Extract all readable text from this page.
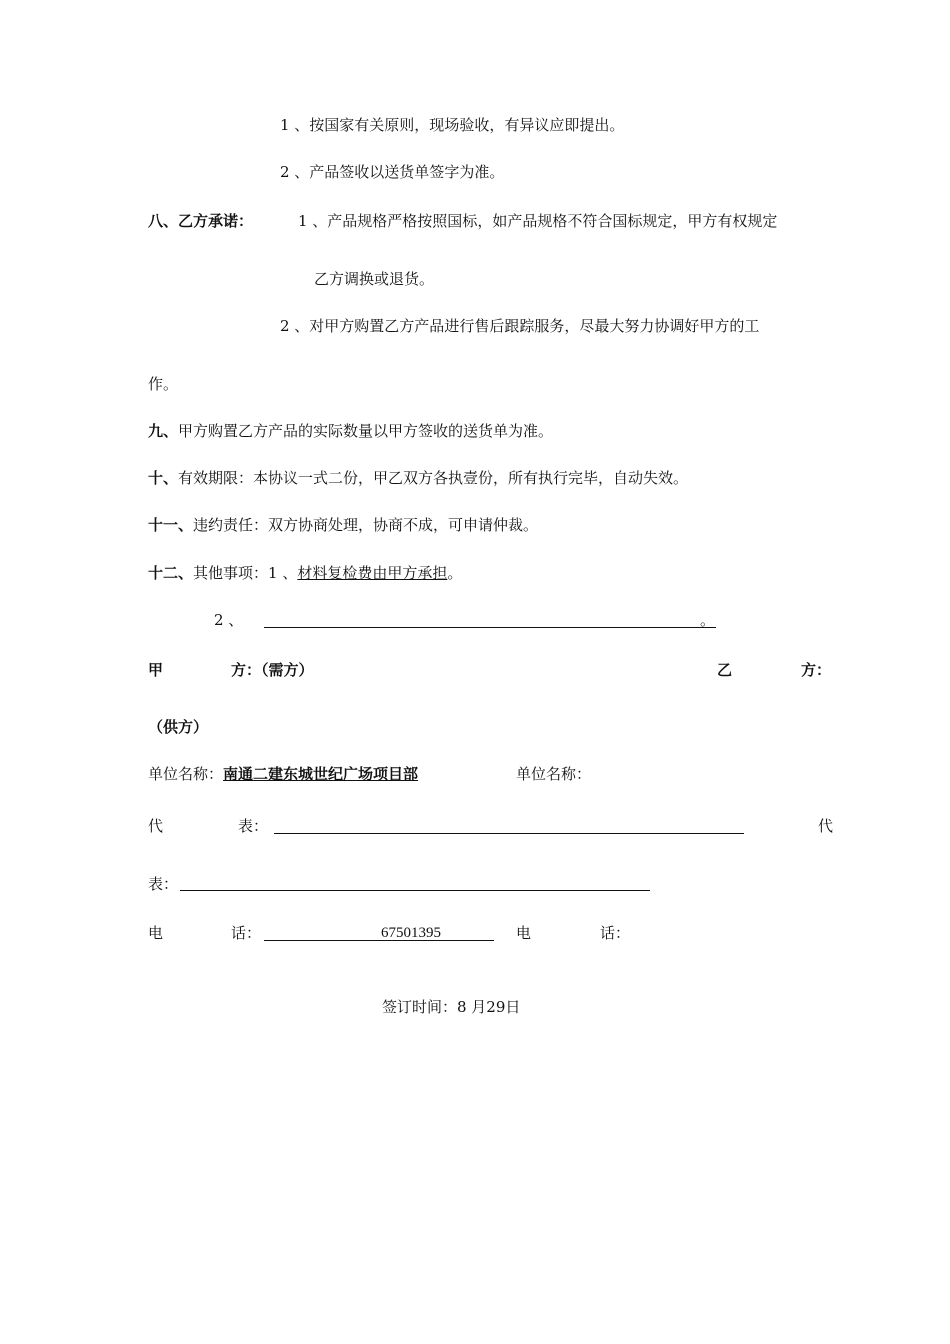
1 、按国家有关原则，现场验收，有异议应即提出。
2 、产品签收以送货单签字为准。
八、乙方承诺：	1 、产品规格严格按照国标，如产品规格不符合国标规定，甲方有权规定
乙方调换或退货。
2 、对甲方购置乙方产品进行售后跟踪服务，尽最大努力协调好甲方的工
作。
九、甲方购置乙方产品的实际数量以甲方签收的送货单为准。
十、有效期限：本协议一式二份，甲乙双方各执壹份，所有执行完毕，自动失效。
十一、违约责任：双方协商处理，协商不成，可申请仲裁。
十二、其他事项：1 、材料复检费由甲方承担。
2 、	。
甲	方：（需方）	乙	方：
（供方）
单位名称：南通二建东城世纪广场项目部	单位名称：
代	表：	代
表：
电	话：	67501395	电	话：
签订时间：8 月29日
